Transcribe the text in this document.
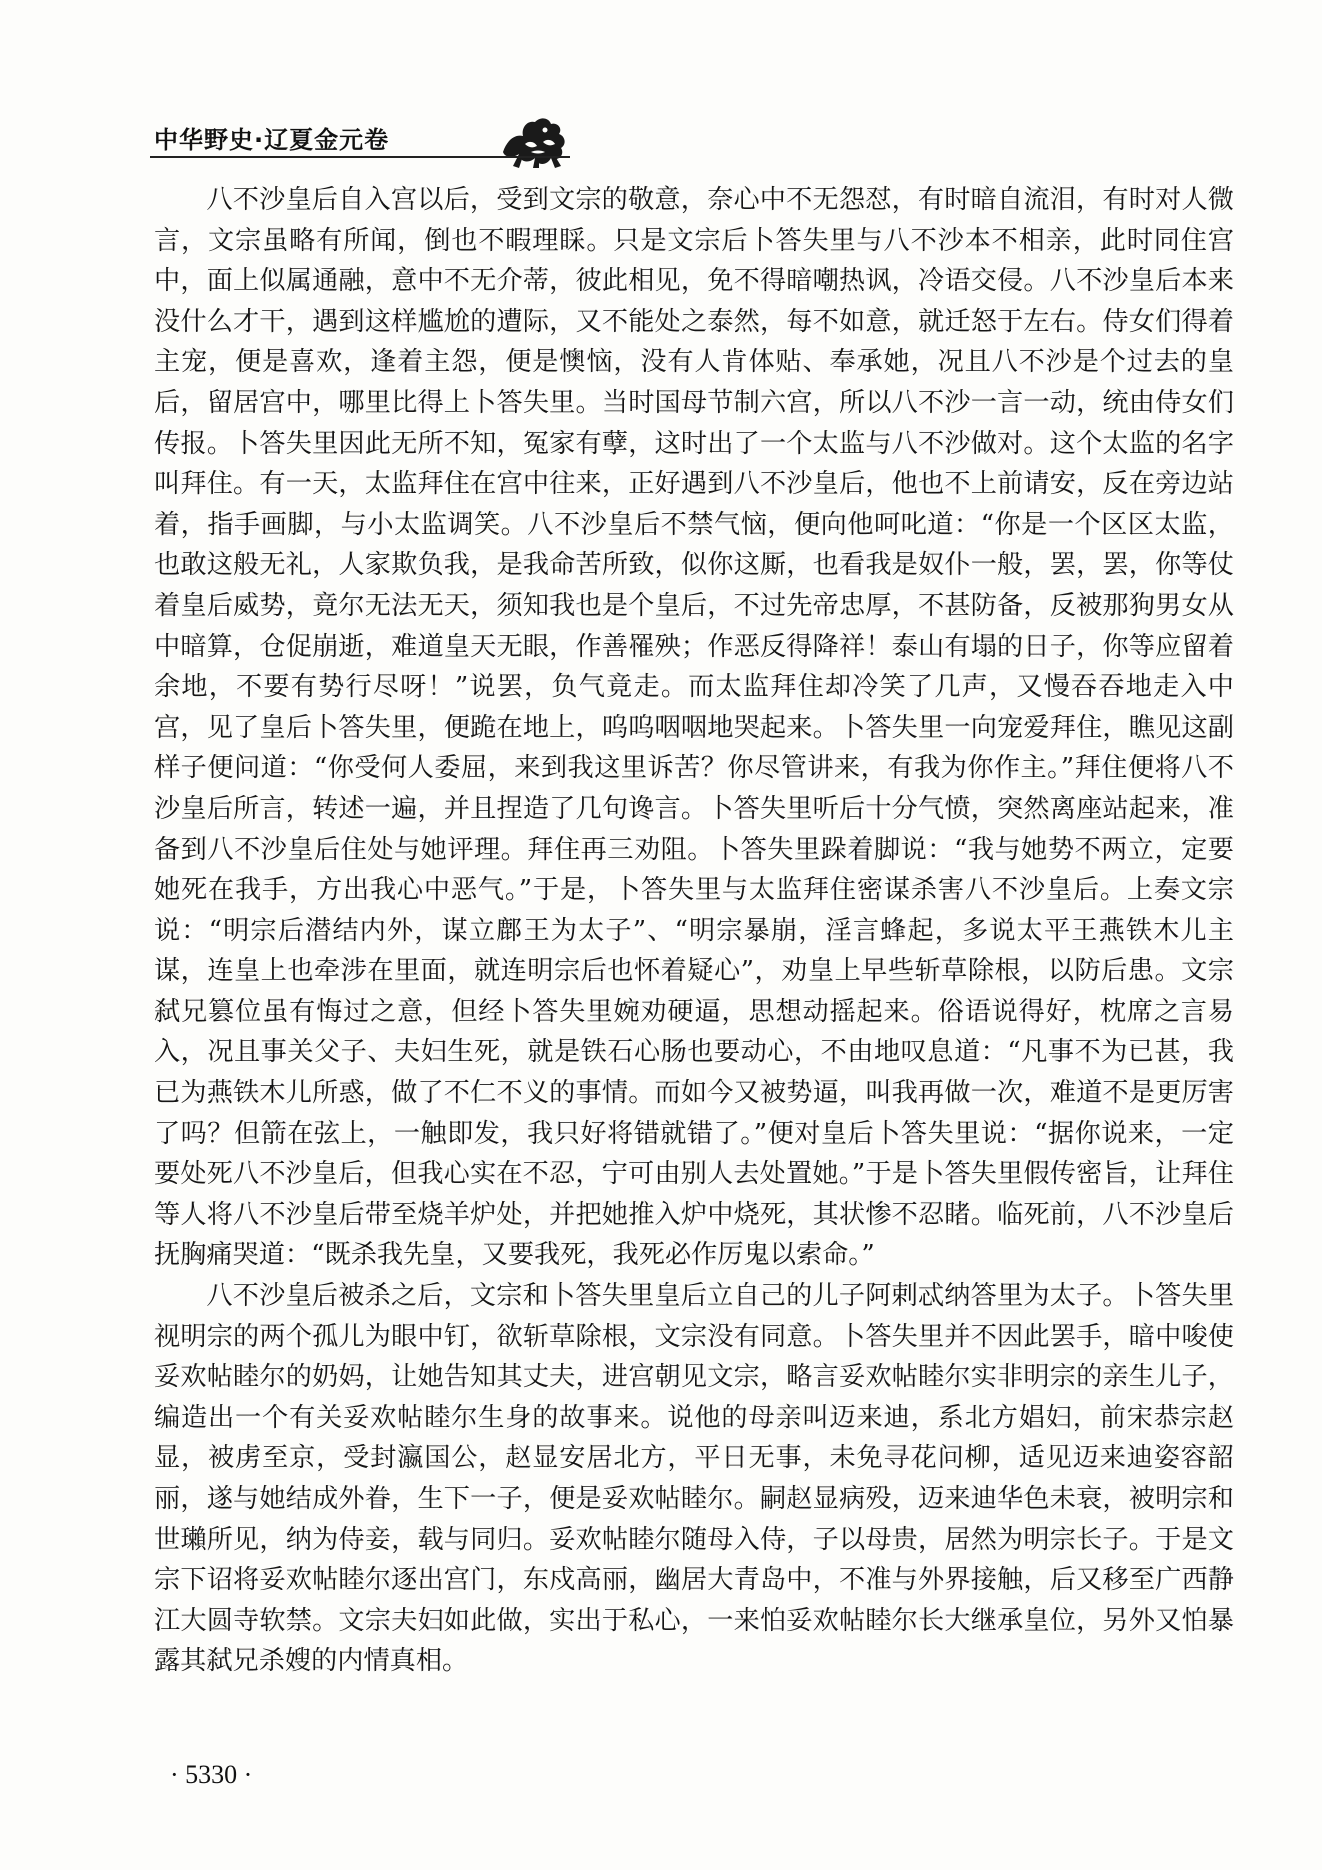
中华野史·辽夏金元卷

八不沙皇后自入宫以后，受到文宗的敬意，奈心中不无怨怼，有时暗自流泪，有时对人微言，文宗虽略有所闻，倒也不暇理睬。只是文宗后卜答失里与八不沙本不相亲，此时同住宫中，面上似属通融，意中不无介蒂，彼此相见，免不得暗嘲热讽，冷语交侵。八不沙皇后本来没什么才干，遇到这样尴尬的遭际，又不能处之泰然，每不如意，就迁怒于左右。侍女们得着主宠，便是喜欢，逢着主怨，便是懊恼，没有人肯体贴、奉承她，况且八不沙是个过去的皇后，留居宫中，哪里比得上卜答失里。当时国母节制六宫，所以八不沙一言一动，统由侍女们传报。卜答失里因此无所不知，冤家有孽，这时出了一个太监与八不沙做对。这个太监的名字叫拜住。有一天，太监拜住在宫中往来，正好遇到八不沙皇后，他也不上前请安，反在旁边站着，指手画脚，与小太监调笑。八不沙皇后不禁气恼，便向他呵叱道：“你是一个区区太监，也敢这般无礼，人家欺负我，是我命苦所致，似你这厮，也看我是奴仆一般，罢，罢，你等仗着皇后威势，竟尔无法无天，须知我也是个皇后，不过先帝忠厚，不甚防备，反被那狗男女从中暗算，仓促崩逝，难道皇天无眼，作善罹殃；作恶反得降祥！泰山有塌的日子，你等应留着余地，不要有势行尽呀！”说罢，负气竟走。而太监拜住却冷笑了几声，又慢吞吞地走入中宫，见了皇后卜答失里，便跪在地上，呜呜咽咽地哭起来。卜答失里一向宠爱拜住，瞧见这副样子便问道：“你受何人委屈，来到我这里诉苦？你尽管讲来，有我为你作主。”拜住便将八不沙皇后所言，转述一遍，并且捏造了几句谗言。卜答失里听后十分气愤，突然离座站起来，准备到八不沙皇后住处与她评理。拜住再三劝阻。卜答失里跺着脚说：“我与她势不两立，定要她死在我手，方出我心中恶气。”于是，卜答失里与太监拜住密谋杀害八不沙皇后。上奏文宗说：“明宗后潜结内外，谋立鄜王为太子”、“明宗暴崩，淫言蜂起，多说太平王燕铁木儿主谋，连皇上也牵涉在里面，就连明宗后也怀着疑心”，劝皇上早些斩草除根，以防后患。文宗弑兄篡位虽有悔过之意，但经卜答失里婉劝硬逼，思想动摇起来。俗语说得好，枕席之言易入，况且事关父子、夫妇生死，就是铁石心肠也要动心，不由地叹息道：“凡事不为已甚，我已为燕铁木儿所惑，做了不仁不义的事情。而如今又被势逼，叫我再做一次，难道不是更厉害了吗？但箭在弦上，一触即发，我只好将错就错了。”便对皇后卜答失里说：“据你说来，一定要处死八不沙皇后，但我心实在不忍，宁可由别人去处置她。”于是卜答失里假传密旨，让拜住等人将八不沙皇后带至烧羊炉处，并把她推入炉中烧死，其状惨不忍睹。临死前，八不沙皇后抚胸痛哭道：“既杀我先皇，又要我死，我死必作厉鬼以索命。”

八不沙皇后被杀之后，文宗和卜答失里皇后立自己的儿子阿剌忒纳答里为太子。卜答失里视明宗的两个孤儿为眼中钉，欲斩草除根，文宗没有同意。卜答失里并不因此罢手，暗中唆使妥欢帖睦尔的奶妈，让她告知其丈夫，进宫朝见文宗，略言妥欢帖睦尔实非明宗的亲生儿子，编造出一个有关妥欢帖睦尔生身的故事来。说他的母亲叫迈来迪，系北方娼妇，前宋恭宗赵显，被虏至京，受封瀛国公，赵显安居北方，平日无事，未免寻花问柳，适见迈来迪姿容韶丽，遂与她结成外眷，生下一子，便是妥欢帖睦尔。嗣赵显病殁，迈来迪华色未衰，被明宗和世瓎所见，纳为侍妾，载与同归。妥欢帖睦尔随母入侍，子以母贵，居然为明宗长子。于是文宗下诏将妥欢帖睦尔逐出宫门，东戍高丽，幽居大青岛中，不准与外界接触，后又移至广西静江大圆寺软禁。文宗夫妇如此做，实出于私心，一来怕妥欢帖睦尔长大继承皇位，另外又怕暴露其弑兄杀嫂的内情真相。

· 5330 ·
